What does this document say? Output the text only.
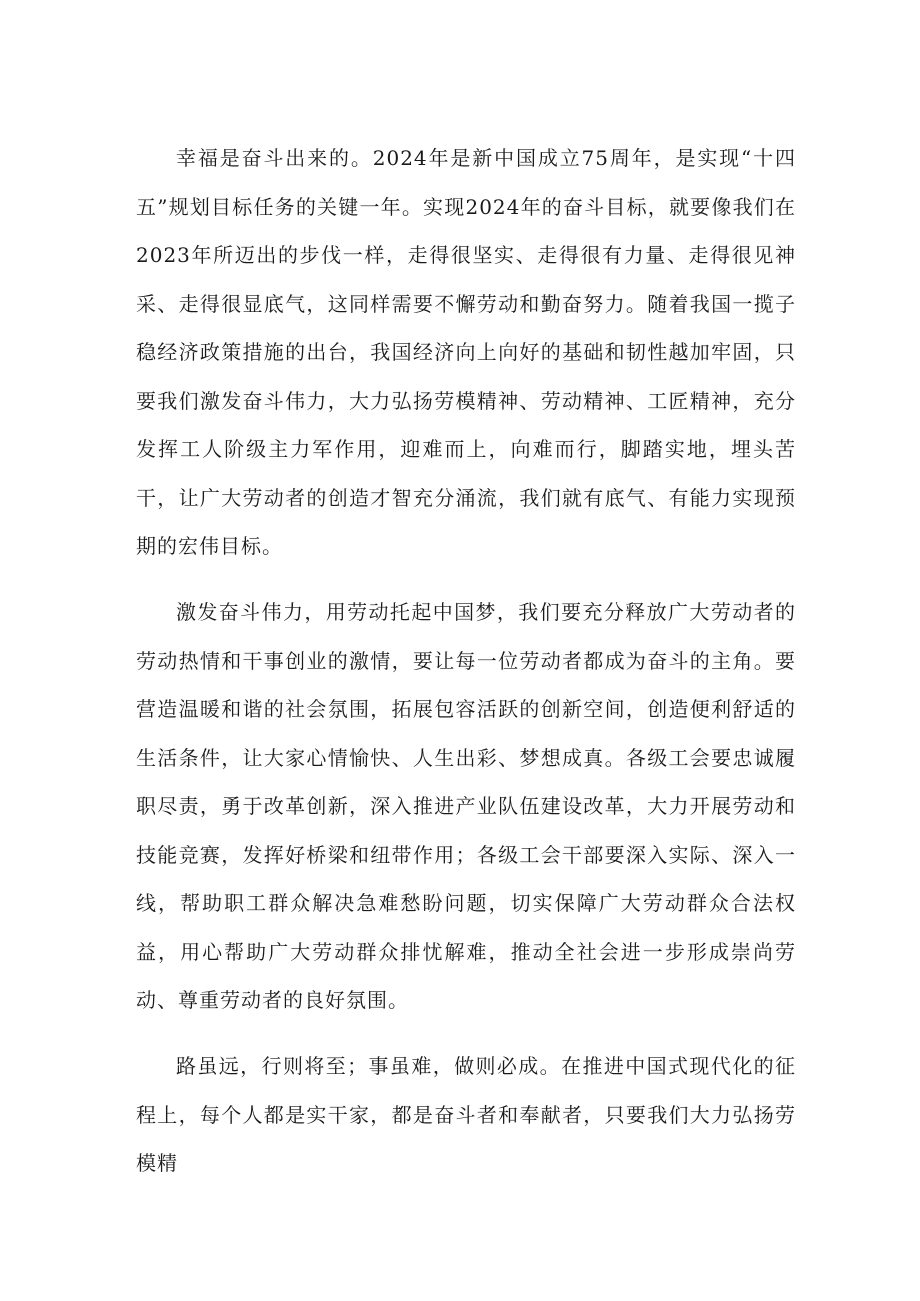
幸福是奋斗出来的。2024年是新中国成立75周年，是实现“十四五”规划目标任务的关键一年。实现2024年的奋斗目标，就要像我们在2023年所迈出的步伐一样，走得很坚实、走得很有力量、走得很见神采、走得很显底气，这同样需要不懈劳动和勤奋努力。随着我国一揽子稳经济政策措施的出台，我国经济向上向好的基础和韧性越加牢固，只要我们激发奋斗伟力，大力弘扬劳模精神、劳动精神、工匠精神，充分发挥工人阶级主力军作用，迎难而上，向难而行，脚踏实地，埋头苦干，让广大劳动者的创造才智充分涌流，我们就有底气、有能力实现预期的宏伟目标。

激发奋斗伟力，用劳动托起中国梦，我们要充分释放广大劳动者的劳动热情和干事创业的激情，要让每一位劳动者都成为奋斗的主角。要营造温暖和谐的社会氛围，拓展包容活跃的创新空间，创造便利舒适的生活条件，让大家心情愉快、人生出彩、梦想成真。各级工会要忠诚履职尽责，勇于改革创新，深入推进产业队伍建设改革，大力开展劳动和技能竞赛，发挥好桥梁和纽带作用；各级工会干部要深入实际、深入一线，帮助职工群众解决急难愁盼问题，切实保障广大劳动群众合法权益，用心帮助广大劳动群众排忧解难，推动全社会进一步形成崇尚劳动、尊重劳动者的良好氛围。

路虽远，行则将至；事虽难，做则必成。在推进中国式现代化的征程上，每个人都是实干家，都是奋斗者和奉献者，只要我们大力弘扬劳模精
